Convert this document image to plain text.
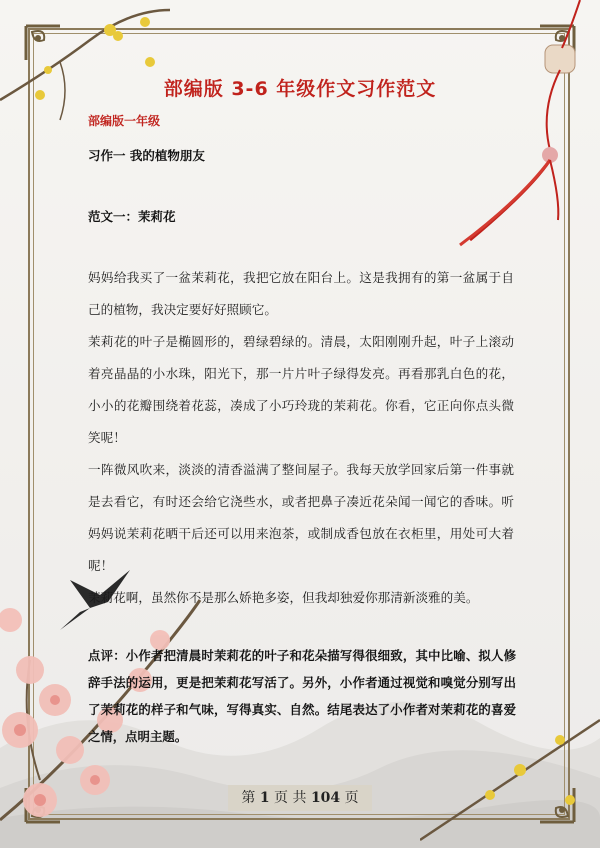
部编版 3-6 年级作文习作范文
部编版一年级
习作一 我的植物朋友
范文一：茉莉花

妈妈给我买了一盆茉莉花，我把它放在阳台上。这是我拥有的第一盆属于自己的植物，我决定要好好照顾它。

茉莉花的叶子是椭圆形的，碧绿碧绿的。清晨，太阳刚刚升起，叶子上滚动着亮晶晶的小水珠，阳光下，那一片片叶子绿得发亮。再看那乳白色的花，小小的花瓣围绕着花蕊，凑成了小巧玲珑的茉莉花。你看，它正向你点头微笑呢！

一阵微风吹来，淡淡的清香溢满了整间屋子。我每天放学回家后第一件事就是去看它，有时还会给它浇些水，或者把鼻子凑近花朵闻一闻它的香味。听妈妈说茉莉花晒干后还可以用来泡茶，或制成香包放在衣柜里，用处可大着呢！

茉莉花啊，虽然你不是那么娇艳多姿，但我却独爱你那清新淡雅的美。

点评：小作者把清晨时茉莉花的叶子和花朵描写得很细致，其中比喻、拟人修辞手法的运用，更是把茉莉花写活了。另外，小作者通过视觉和嗅觉分别写出了茉莉花的样子和气味，写得真实、自然。结尾表达了小作者对茉莉花的喜爱之情，点明主题。
第 1 页 共 104 页
